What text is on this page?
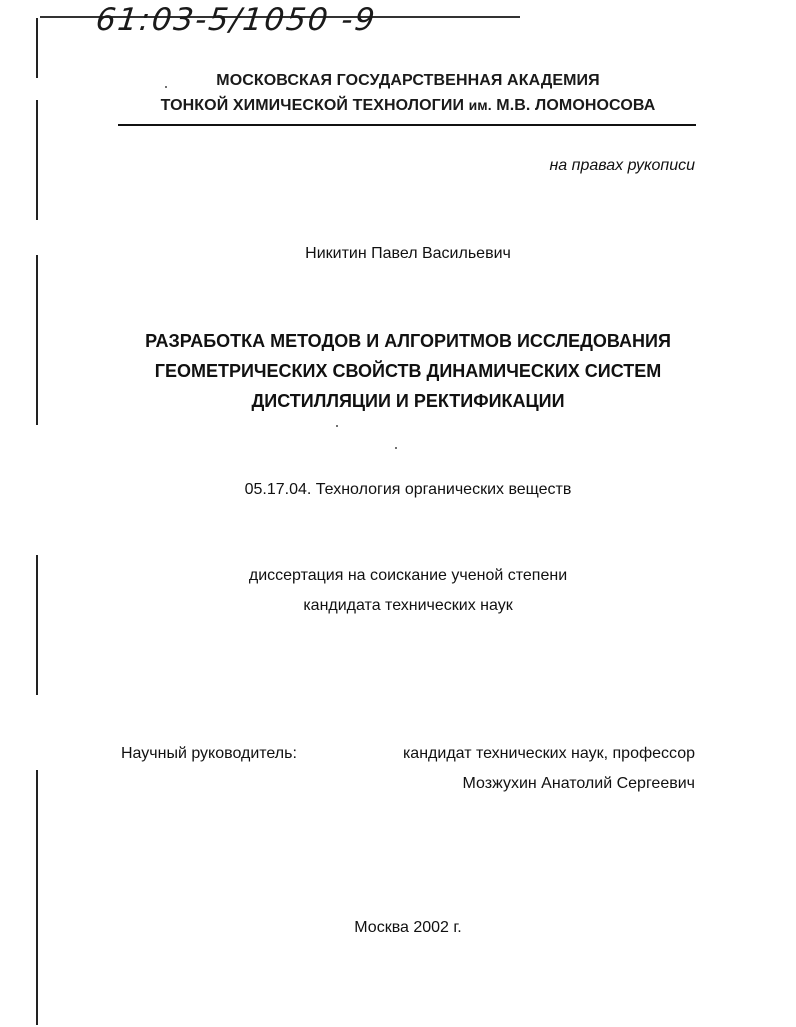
61:03-5/1050 -9
МОСКОВСКАЯ ГОСУДАРСТВЕННАЯ АКАДЕМИЯ
ТОНКОЙ ХИМИЧЕСКОЙ ТЕХНОЛОГИИ им. М.В. ЛОМОНОСОВА
на правах рукописи
Никитин Павел Васильевич
РАЗРАБОТКА МЕТОДОВ И АЛГОРИТМОВ ИССЛЕДОВАНИЯ
ГЕОМЕТРИЧЕСКИХ СВОЙСТВ ДИНАМИЧЕСКИХ СИСТЕМ
ДИСТИЛЛЯЦИИ И РЕКТИФИКАЦИИ
05.17.04. Технология органических веществ
диссертация на соискание ученой степени
кандидата технических наук
Научный руководитель:	кандидат технических наук, профессор
Мозжухин Анатолий Сергеевич
Москва 2002 г.
